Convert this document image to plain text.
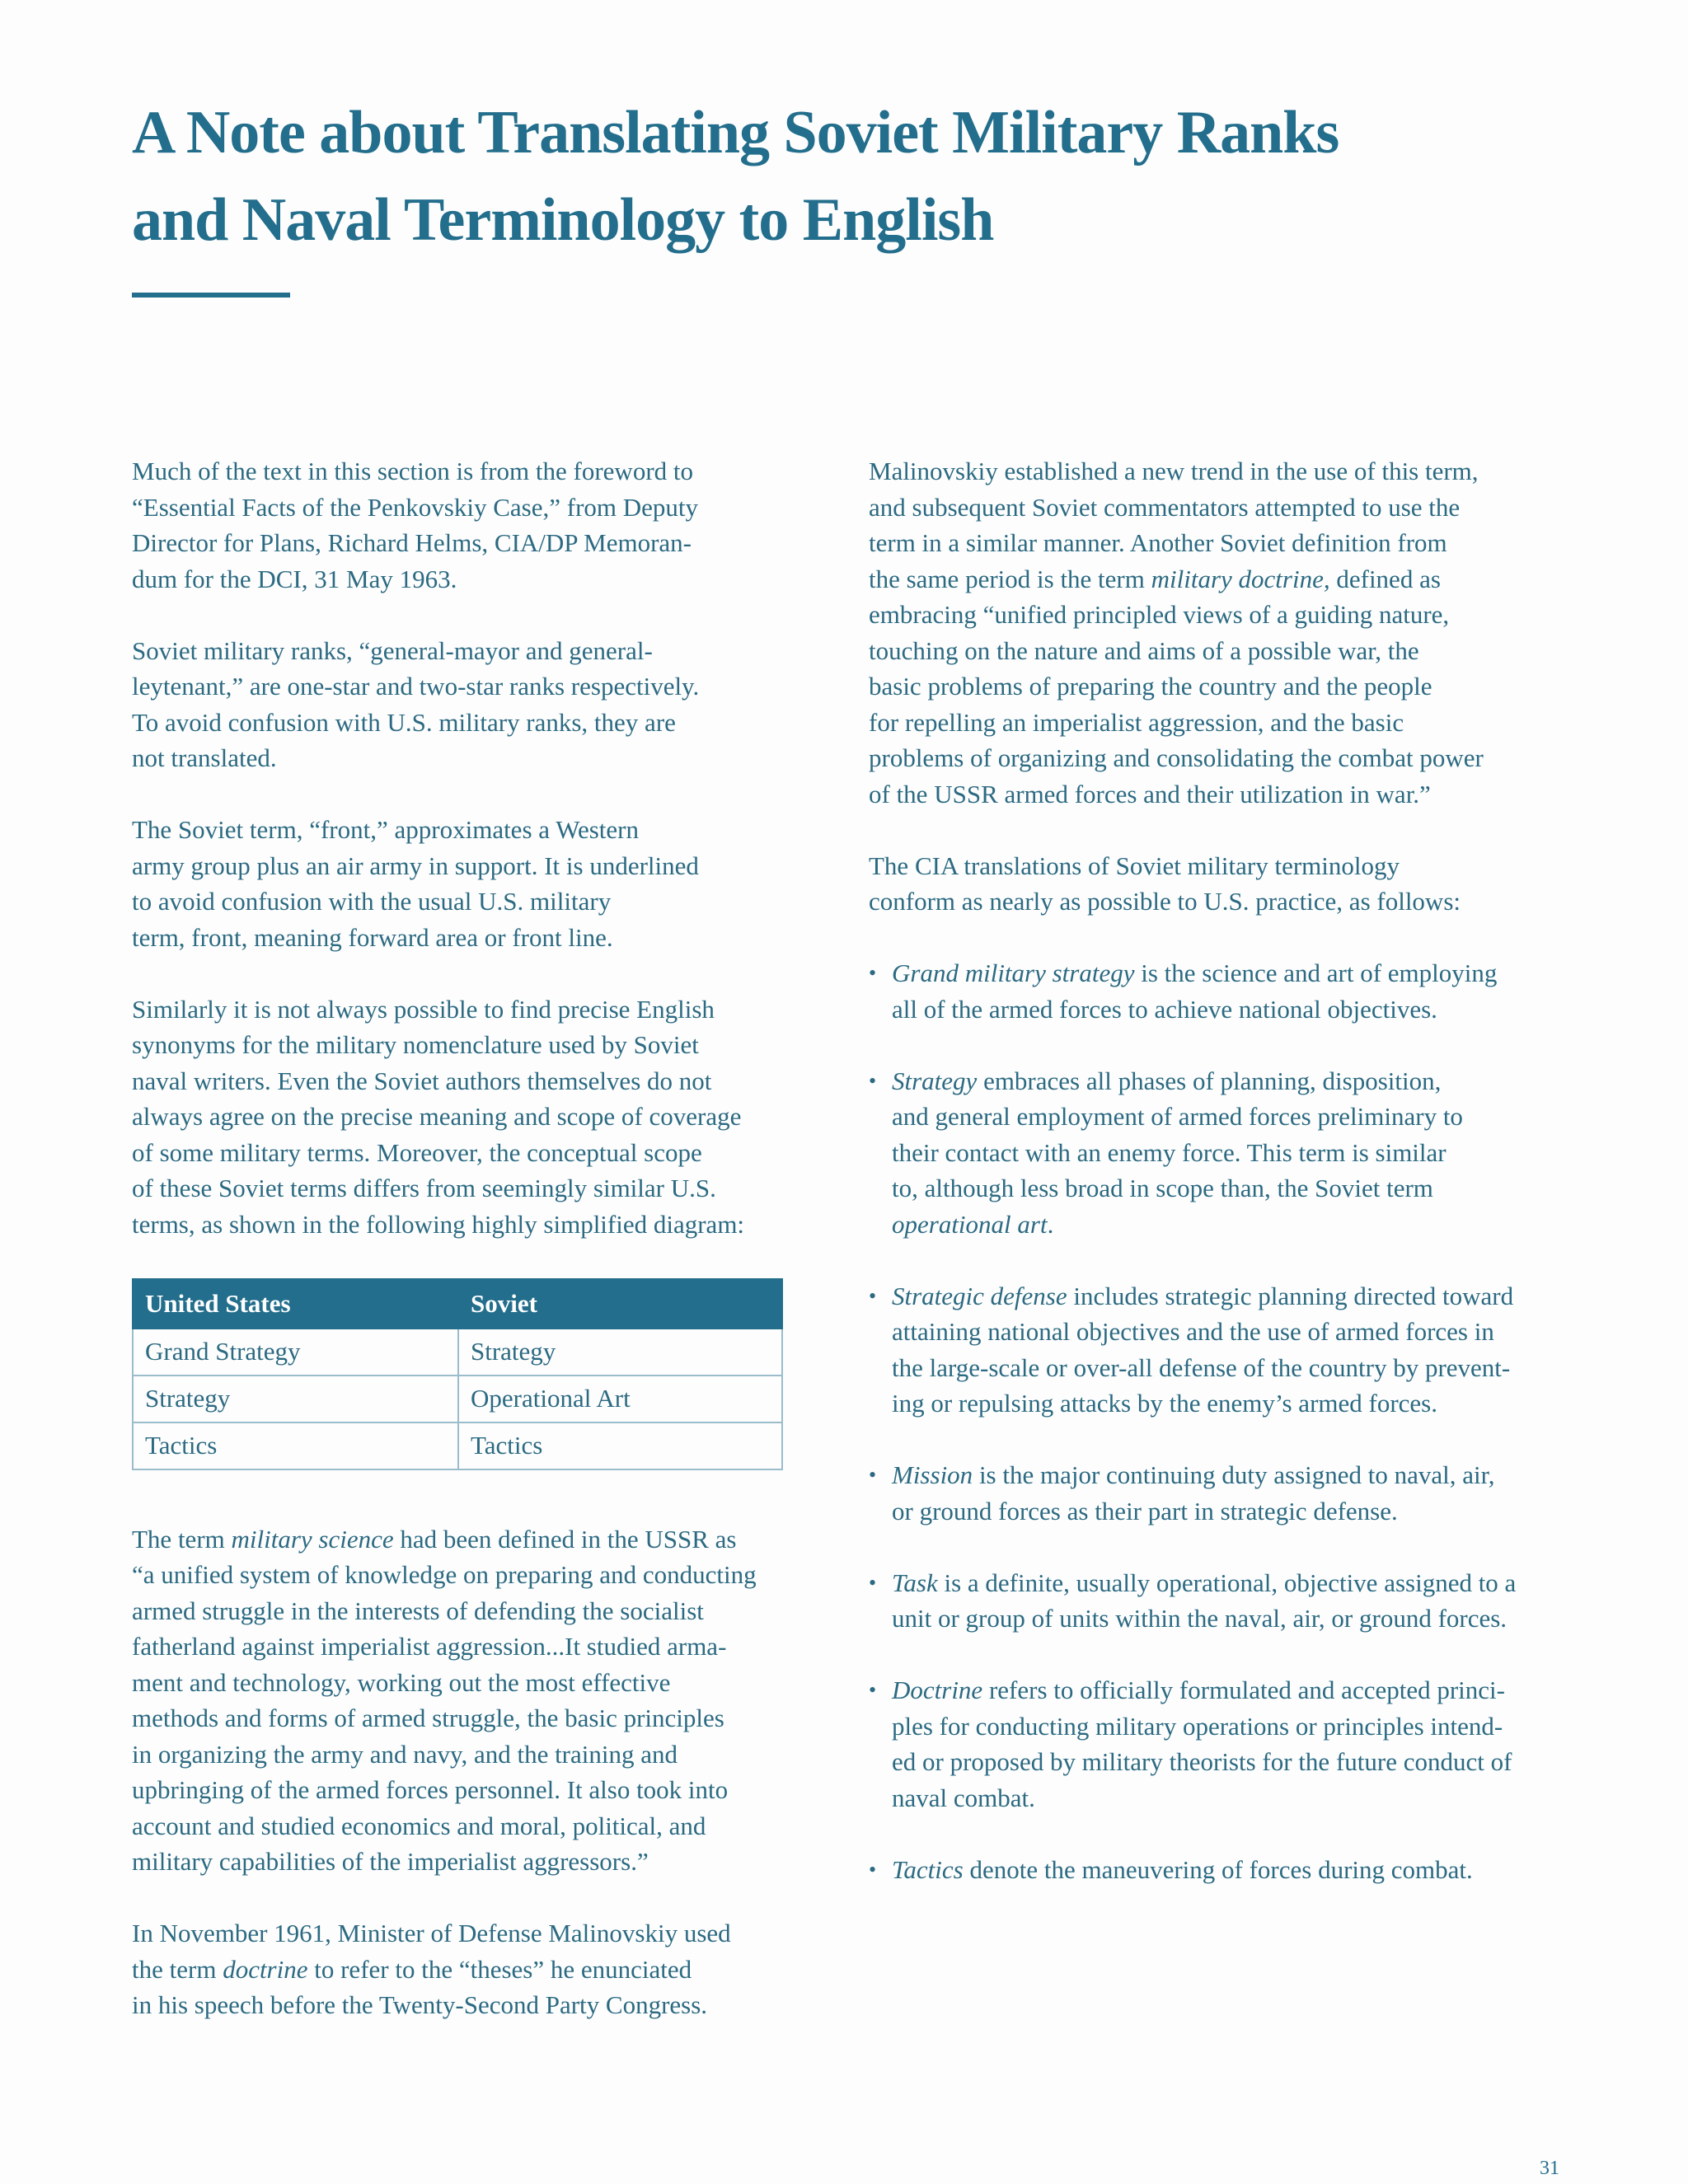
A Note about Translating Soviet Military Ranks
and Naval Terminology to English

Much of the text in this section is from the foreword to
“Essential Facts of the Penkovskiy Case,” from Deputy
Director for Plans, Richard Helms, CIA/DP Memoran-
dum for the DCI, 31 May 1963.

Soviet military ranks, “general-mayor and general-
leytenant,” are one-star and two-star ranks respectively.
To avoid confusion with U.S. military ranks, they are
not translated.

The Soviet term, “front,” approximates a Western
army group plus an air army in support. It is underlined
to avoid confusion with the usual U.S. military
term, front, meaning forward area or front line.

Similarly it is not always possible to find precise English
synonyms for the military nomenclature used by Soviet
naval writers. Even the Soviet authors themselves do not
always agree on the precise meaning and scope of coverage
of some military terms. Moreover, the conceptual scope
of these Soviet terms differs from seemingly similar U.S.
terms, as shown in the following highly simplified diagram:

United States	Soviet
Grand Strategy	Strategy
Strategy	Operational Art
Tactics	Tactics

The term military science had been defined in the USSR as
“a unified system of knowledge on preparing and conducting
armed struggle in the interests of defending the socialist
fatherland against imperialist aggression...It studied arma-
ment and technology, working out the most effective
methods and forms of armed struggle, the basic principles
in organizing the army and navy, and the training and
upbringing of the armed forces personnel. It also took into
account and studied economics and moral, political, and
military capabilities of the imperialist aggressors.”

In November 1961, Minister of Defense Malinovskiy used
the term doctrine to refer to the “theses” he enunciated
in his speech before the Twenty-Second Party Congress.

Malinovskiy established a new trend in the use of this term,
and subsequent Soviet commentators attempted to use the
term in a similar manner. Another Soviet definition from
the same period is the term military doctrine, defined as
embracing “unified principled views of a guiding nature,
touching on the nature and aims of a possible war, the
basic problems of preparing the country and the people
for repelling an imperialist aggression, and the basic
problems of organizing and consolidating the combat power
of the USSR armed forces and their utilization in war.”

The CIA translations of Soviet military terminology
conform as nearly as possible to U.S. practice, as follows:

• Grand military strategy is the science and art of employing
all of the armed forces to achieve national objectives.
• Strategy embraces all phases of planning, disposition,
and general employment of armed forces preliminary to
their contact with an enemy force. This term is similar
to, although less broad in scope than, the Soviet term
operational art.
• Strategic defense includes strategic planning directed toward
attaining national objectives and the use of armed forces in
the large-scale or over-all defense of the country by prevent-
ing or repulsing attacks by the enemy’s armed forces.
• Mission is the major continuing duty assigned to naval, air,
or ground forces as their part in strategic defense.
• Task is a definite, usually operational, objective assigned to a
unit or group of units within the naval, air, or ground forces.
• Doctrine refers to officially formulated and accepted princi-
ples for conducting military operations or principles intend-
ed or proposed by military theorists for the future conduct of
naval combat.
• Tactics denote the maneuvering of forces during combat.
31
